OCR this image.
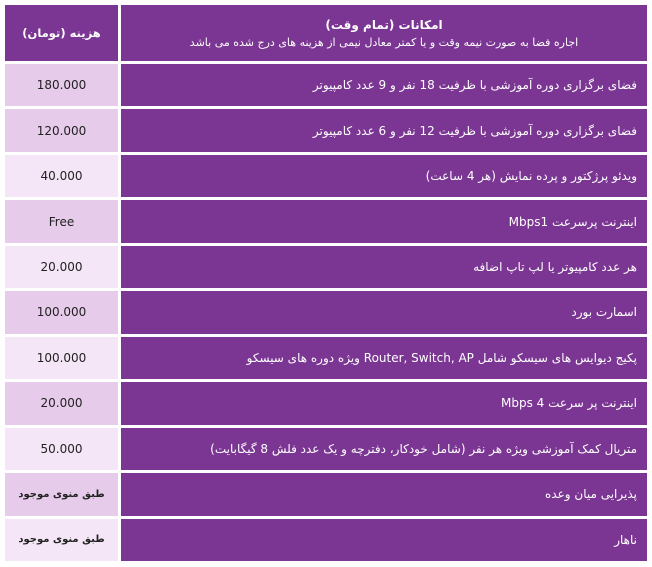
هزینه (تومان)	امکانات (تمام وقت)
اجاره فضا به صورت نیمه وقت و یا کمتر معادل نیمی از هزینه های درج شده می باشد

180.000	فضای برگزاری دوره آموزشی با ظرفیت 18 نفر و 9 عدد کامپیوتر
120.000	فضای برگزاری دوره آموزشی با ظرفیت 12 نفر و 6 عدد کامپیوتر
40.000	ویدئو پرژکتور و پرده نمایش (هر 4 ساعت)
Free	اینترنت پرسرعت Mbps1
20.000	هر عدد کامپیوتر یا لپ تاپ اضافه
100.000	اسمارت بورد
100.000	پکیج دیوایس های سیسکو شامل Router, Switch, AP ویژه دوره های سیسکو
20.000	اینترنت پر سرعت Mbps 4
50.000	متریال کمک آموزشی ویژه هر نفر (شامل خودکار، دفترچه و یک عدد فلش 8 گیگابایت)
طبق منوی موجود	پذیرایی میان وعده
طبق منوی موجود	ناهار
